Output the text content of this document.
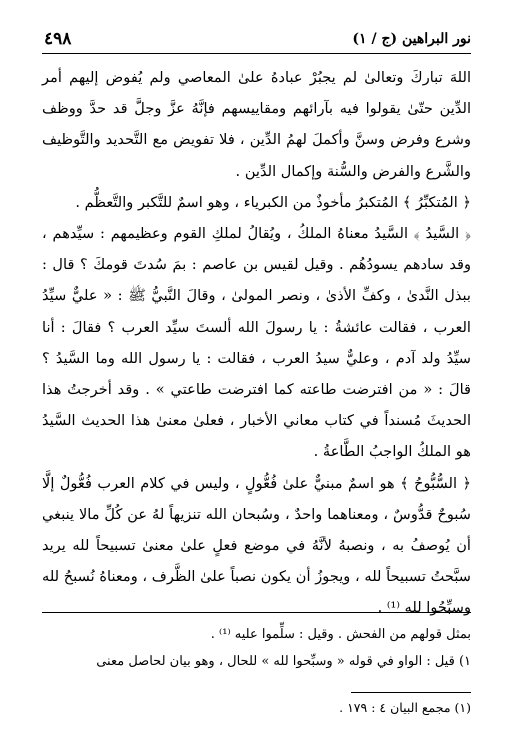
نور البراهين (ج / ١)
٤٩٨

اللهَ تباركَ وتعالىٰ لم يجبُرْ عبادهُ علىٰ المعاصي ولم يُفوض إليهم أمر الدِّين حتّىٰ يقولوا فيه بآرائهم ومقاييسهم فإنَّهُ عزَّ وجلَّ قد حدَّ ووظف وشرع وفرض وسنَّ وأكملَ لهمُ الدِّين ، فلا تفويض مع التَّحديد والتَّوظيف والشَّرع والفرض والسُّنة وإكمال الدِّين .

﴿ المُتكبِّرُ ﴾ المُتكبرُ مأخوذٌ من الكبرياء ، وهو اسمٌ للتَّكبر والتَّعظُّم .

﴿ السَّيدُ ﴾ السَّيدُ معناهُ الملكُ ، ويُقالُ لملكِ القوم وعظيمهم : سيِّدهم ، وقد سادهم يسودُهُم . وقيل لقيس بن عاصم : بمَ سُدتَ قومكَ ؟ قال : ببذل النَّدىٰ ، وكفِّ الأذىٰ ، ونصر المولىٰ ، وقالَ النَّبيُّ ﷺ : « عليٌّ سيِّدُ العرب ، فقالت عائشةُ : يا رسولَ الله ألستَ سيِّد العرب ؟ فقالَ : أنا سيِّدُ ولد آدم ، وعليٌّ سيدُ العرب ، فقالت : يا رسول الله وما السَّيدُ ؟ قالَ : « من افترضت طاعته كما افترضت طاعتي » . وقد أخرجتُ هذا الحديثَ مُسنداً في كتاب معاني الأخبار ، فعلىٰ معنىٰ هذا الحديث السَّيدُ هو الملكُ الواجبُ الطَّاعةُ .

﴿ السُّبُّوحُ ﴾ هو اسمٌ مبنيٌّ علىٰ فُعُّولٍ ، وليس في كلام العرب فُعُّولٌ إلَّا سُبوحٌ قدُّوسٌ ، ومعناهما واحدٌ ، وسُبحان الله تنزيهاً لهُ عن كُلِّ مالا ينبغي أن يُوصفُ به ، ونصبهُ لأنَّهُ في موضع فعلٍ علىٰ معنىٰ تسبيحاً لله يريد سبَّحتُ تسبيحاً لله ، ويجوزُ أن يكون نصباً علىٰ الظَّرف ، ومعناهُ نُسبحُ لله وسبِّحُوا لله ⁽¹⁾ .

بمثل قولهم من الفحش . وقيل : سلِّموا عليه ⁽¹⁾ .

١) قيل : الواو في قوله « وسبِّحوا لله » للحال ، وهو بيان لحاصل معنى

(١) مجمع البيان ٤ : ١٧٩ .
